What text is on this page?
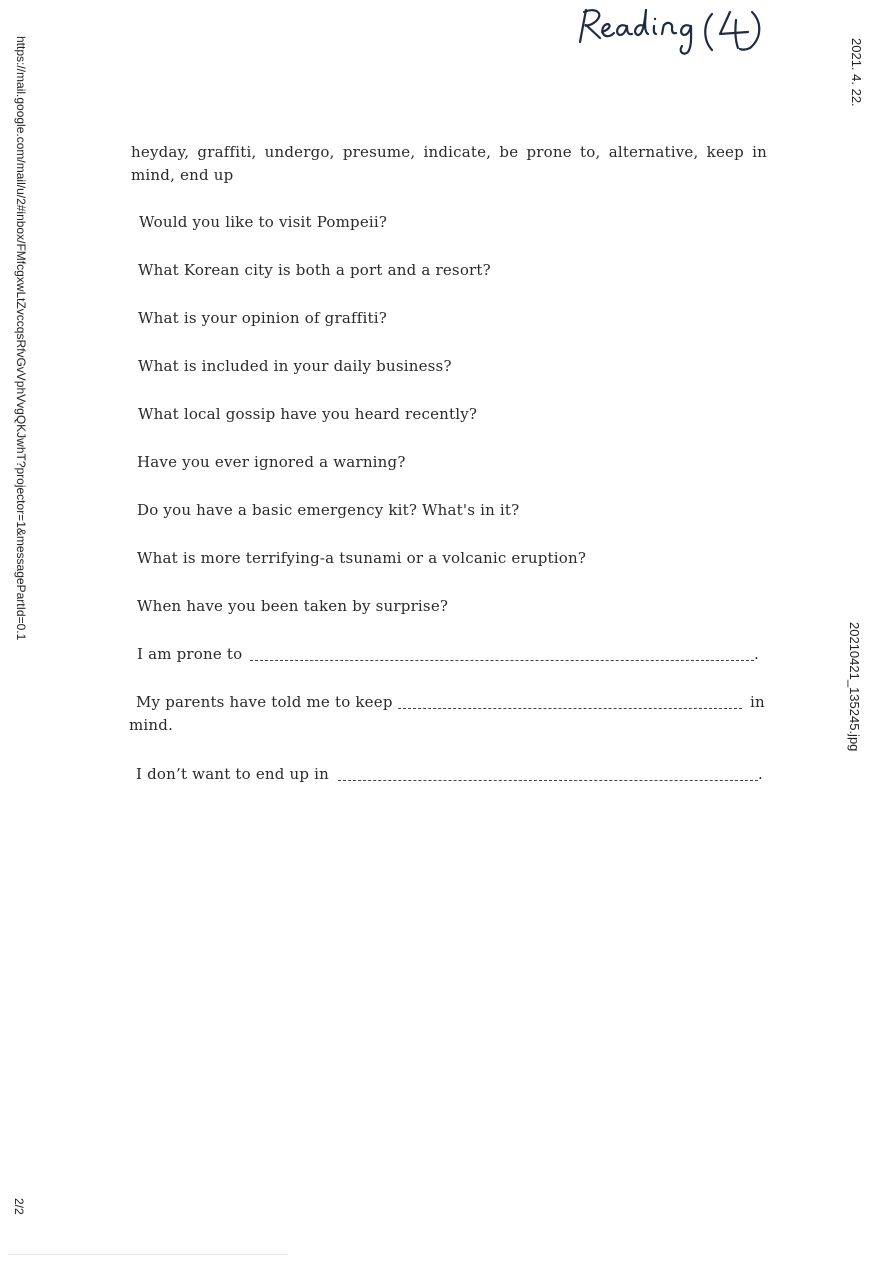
https://mail.google.com/mail/u/2#inbox/FMfcgxwLtZvccqsRfvGvVphVvgQKJwhT?projector=1&messagePartId=0.1	2021. 4. 22.
20210421_135245.jpg
2/2
heyday, graffiti, undergo, presume, indicate, be prone to, alternative, keep in mind, end up
Would you like to visit Pompeii?
What Korean city is both a port and a resort?
What is your opinion of graffiti?
What is included in your daily business?
What local gossip have you heard recently?
Have you ever ignored a warning?
Do you have a basic emergency kit? What's in it?
What is more terrifying-a tsunami or a volcanic eruption?
When have you been taken by surprise?
I am prone to	.
My parents have told me to keep	in
mind.
I don’t want to end up in	.
